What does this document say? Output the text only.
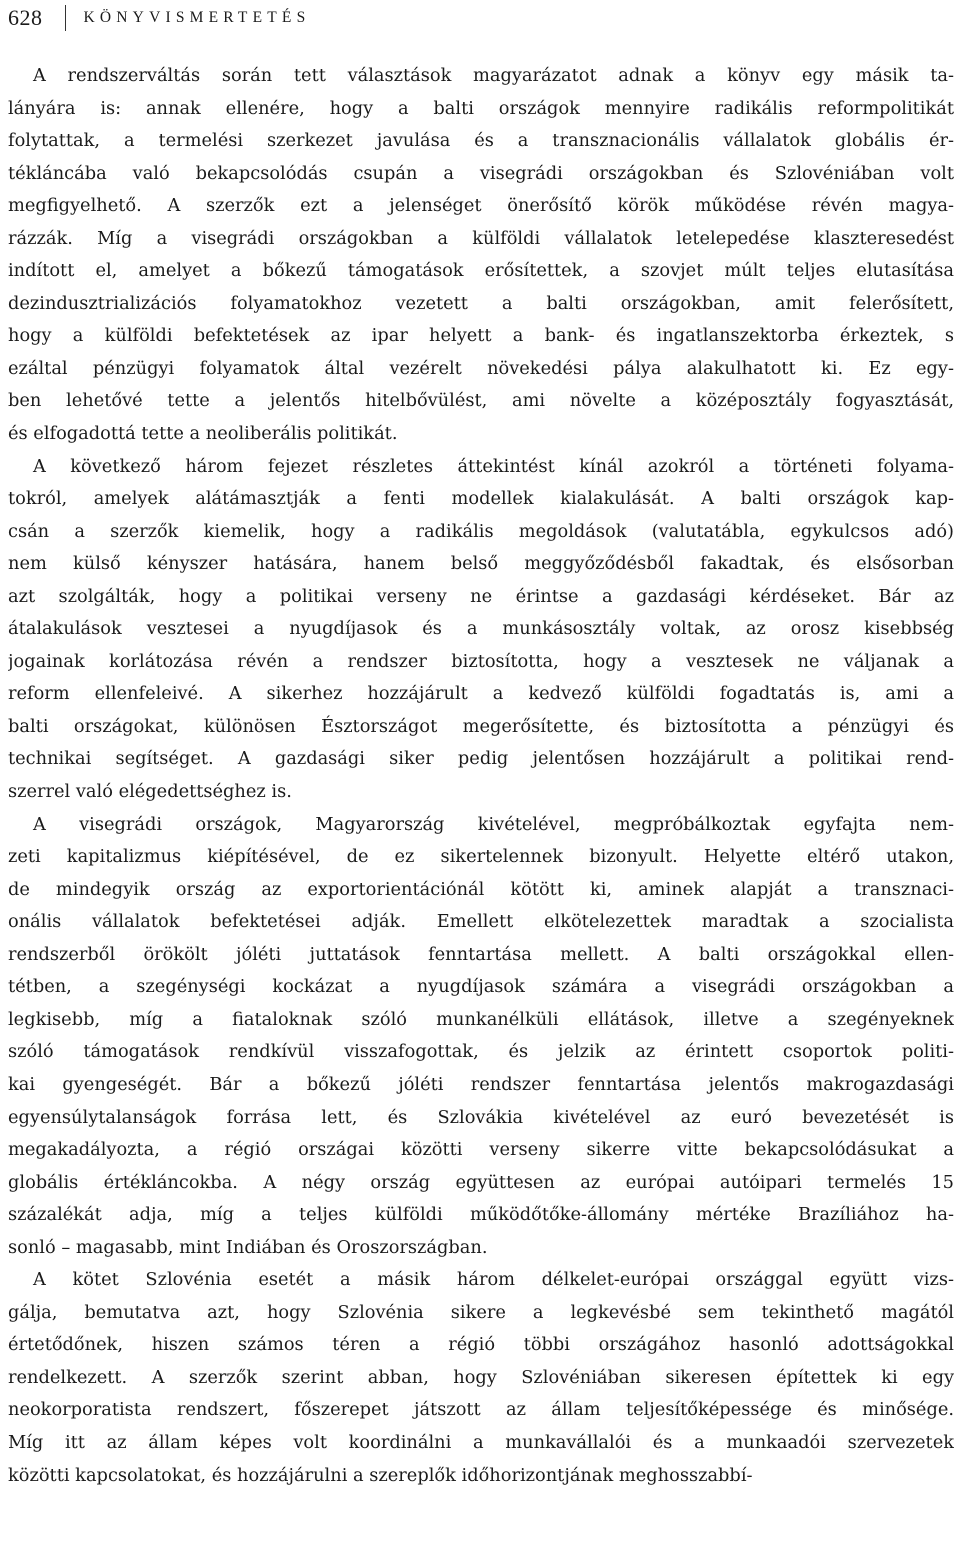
628	KÖNYVISMERTETÉS
A rendszerváltás során tett választások magyarázatot adnak a könyv egy másik ta-
lányára is: annak ellenére, hogy a balti országok mennyire radikális reformpolitikát
folytattak, a termelési szerkezet javulása és a transznacionális vállalatok globális ér-
tékláncába való bekapcsolódás csupán a visegrádi országokban és Szlovéniában volt
megfigyelhető. A szerzők ezt a jelenséget önerősítő körök működése révén magya-
rázzák. Míg a visegrádi országokban a külföldi vállalatok letelepedése klaszteresedést
indított el, amelyet a bőkezű támogatások erősítettek, a szovjet múlt teljes elutasítása
dezindusztrializációs folyamatokhoz vezetett a balti országokban, amit felerősített,
hogy a külföldi befektetések az ipar helyett a bank- és ingatlanszektorba érkeztek, s
ezáltal pénzügyi folyamatok által vezérelt növekedési pálya alakulhatott ki. Ez egy-
ben lehetővé tette a jelentős hitelbővülést, ami növelte a középosztály fogyasztását,
és elfogadottá tette a neoliberális politikát.
A következő három fejezet részletes áttekintést kínál azokról a történeti folyama-
tokról, amelyek alátámasztják a fenti modellek kialakulását. A balti országok kap-
csán a szerzők kiemelik, hogy a radikális megoldások (valutatábla, egykulcsos adó)
nem külső kényszer hatására, hanem belső meggyőződésből fakadtak, és elsősorban
azt szolgálták, hogy a politikai verseny ne érintse a gazdasági kérdéseket. Bár az
átalakulások vesztesei a nyugdíjasok és a munkásosztály voltak, az orosz kisebbség
jogainak korlátozása révén a rendszer biztosította, hogy a vesztesek ne váljanak a
reform ellenfeleivé. A sikerhez hozzájárult a kedvező külföldi fogadtatás is, ami a
balti országokat, különösen Észtországot megerősítette, és biztosította a pénzügyi és
technikai segítséget. A gazdasági siker pedig jelentősen hozzájárult a politikai rend-
szerrel való elégedettséghez is.
A visegrádi országok, Magyarország kivételével, megpróbálkoztak egyfajta nem-
zeti kapitalizmus kiépítésével, de ez sikertelennek bizonyult. Helyette eltérő utakon,
de mindegyik ország az exportorientációnál kötött ki, aminek alapját a transznaci-
onális vállalatok befektetései adják. Emellett elkötelezettek maradtak a szocialista
rendszerből örökölt jóléti juttatások fenntartása mellett. A balti országokkal ellen-
tétben, a szegénységi kockázat a nyugdíjasok számára a visegrádi országokban a
legkisebb, míg a fiataloknak szóló munkanélküli ellátások, illetve a szegényeknek
szóló támogatások rendkívül visszafogottak, és jelzik az érintett csoportok politi-
kai gyengeségét. Bár a bőkezű jóléti rendszer fenntartása jelentős makrogazdasági
egyensúlytalanságok forrása lett, és Szlovákia kivételével az euró bevezetését is
megakadályozta, a régió országai közötti verseny sikerre vitte bekapcsolódásukat a
globális értékláncokba. A négy ország együttesen az európai autóipari termelés 15
százalékát adja, míg a teljes külföldi működőtőke-állomány mértéke Brazíliához ha-
sonló – magasabb, mint Indiában és Oroszországban.
A kötet Szlovénia esetét a másik három délkelet-európai országgal együtt vizs-
gálja, bemutatva azt, hogy Szlovénia sikere a legkevésbé sem tekinthető magától
értetődőnek, hiszen számos téren a régió többi országához hasonló adottságokkal
rendelkezett. A szerzők szerint abban, hogy Szlovéniában sikeresen építettek ki egy
neokorporatista rendszert, főszerepet játszott az állam teljesítőképessége és minősége.
Míg itt az állam képes volt koordinálni a munkavállalói és a munkaadói szervezetek
közötti kapcsolatokat, és hozzájárulni a szereplők időhorizontjának meghosszabbí-
